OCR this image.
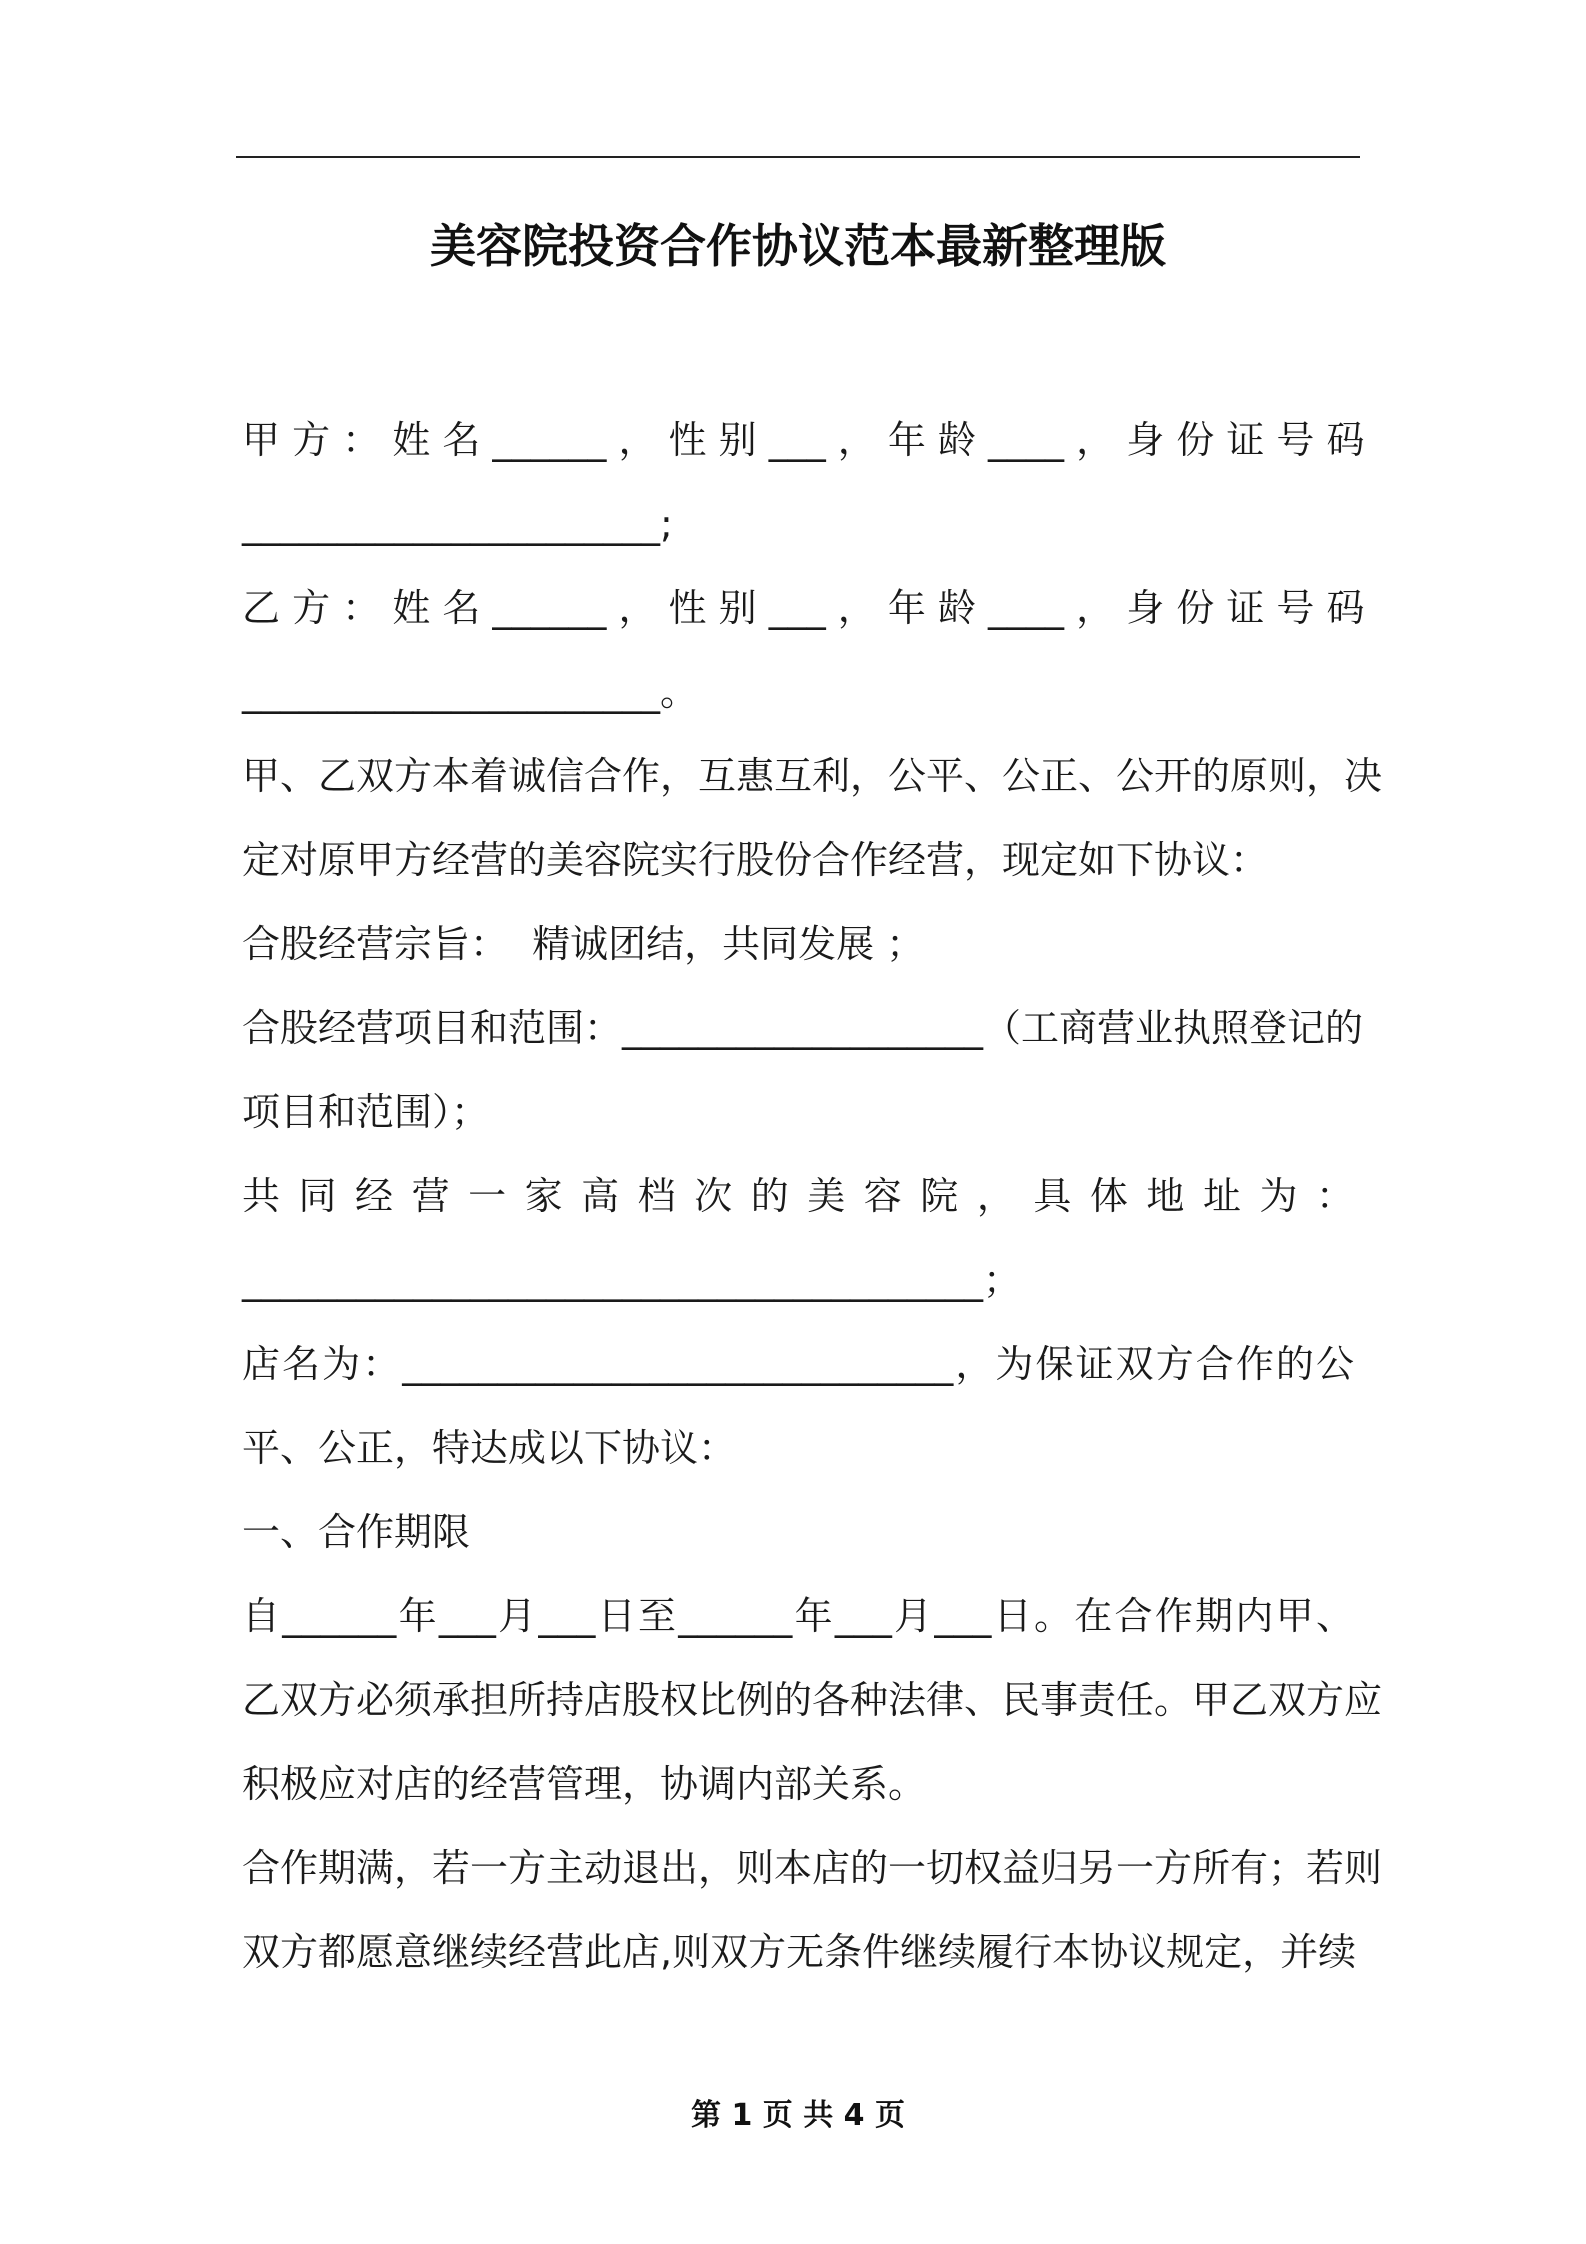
美容院投资合作协议范本最新整理版
甲 方 ： 姓 名 ______ ， 性 别 ___ ， 年 龄 ____ ， 身 份 证 号 码
______________________;
乙 方 ： 姓 名 ______ ， 性 别 ___ ， 年 龄 ____ ， 身 份 证 号 码
______________________。
甲、乙双方本着诚信合作，互惠互利，公平、公正、公开的原则，决
定对原甲方经营的美容院实行股份合作经营，现定如下协议：
合股经营宗旨：  精诚团结，共同发展 ；
合股经营项目和范围：___________________（工商营业执照登记的
项目和范围）；
共 同 经 营 一 家 高 档 次 的 美 容 院 ， 具 体 地 址 为 ：
_______________________________________；
店名为：_____________________________，为保证双方合作的公
平、公正，特达成以下协议：
一、合作期限
自______年___月___日至______年___月___日。在合作期内甲、
乙双方必须承担所持店股权比例的各种法律、民事责任。甲乙双方应
积极应对店的经营管理，协调内部关系。
合作期满，若一方主动退出，则本店的一切权益归另一方所有；若则
双方都愿意继续经营此店,则双方无条件继续履行本协议规定，并续
第 1 页 共 4 页
